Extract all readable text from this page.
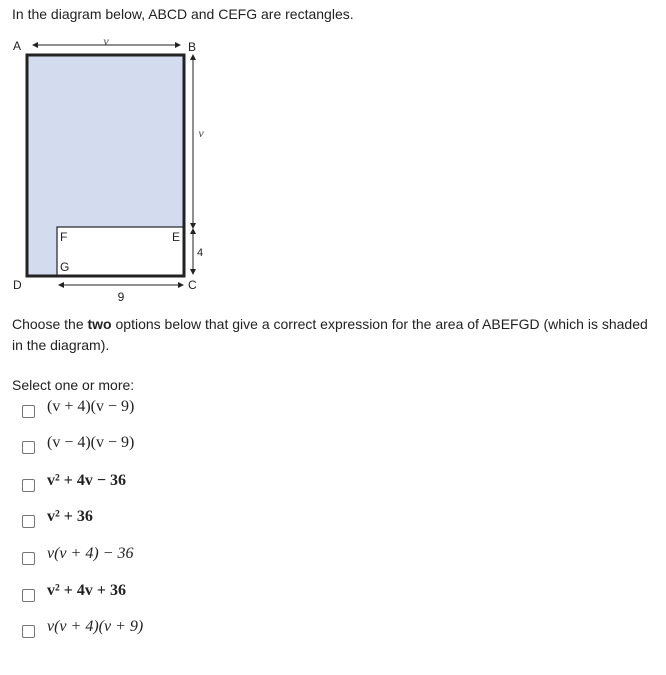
In the diagram below, ABCD and CEFG are rectangles.
v
v
4
9
A	B
C
D
E
F
G
Choose the two options below that give a correct expression for the area of ABEFGD (which is shaded in the diagram).
Select one or more:
(v + 4)(v − 9)
(v − 4)(v − 9)
v² + 4v − 36
v² + 36
v(v + 4) − 36
v² + 4v + 36
v(v + 4)(v + 9)
